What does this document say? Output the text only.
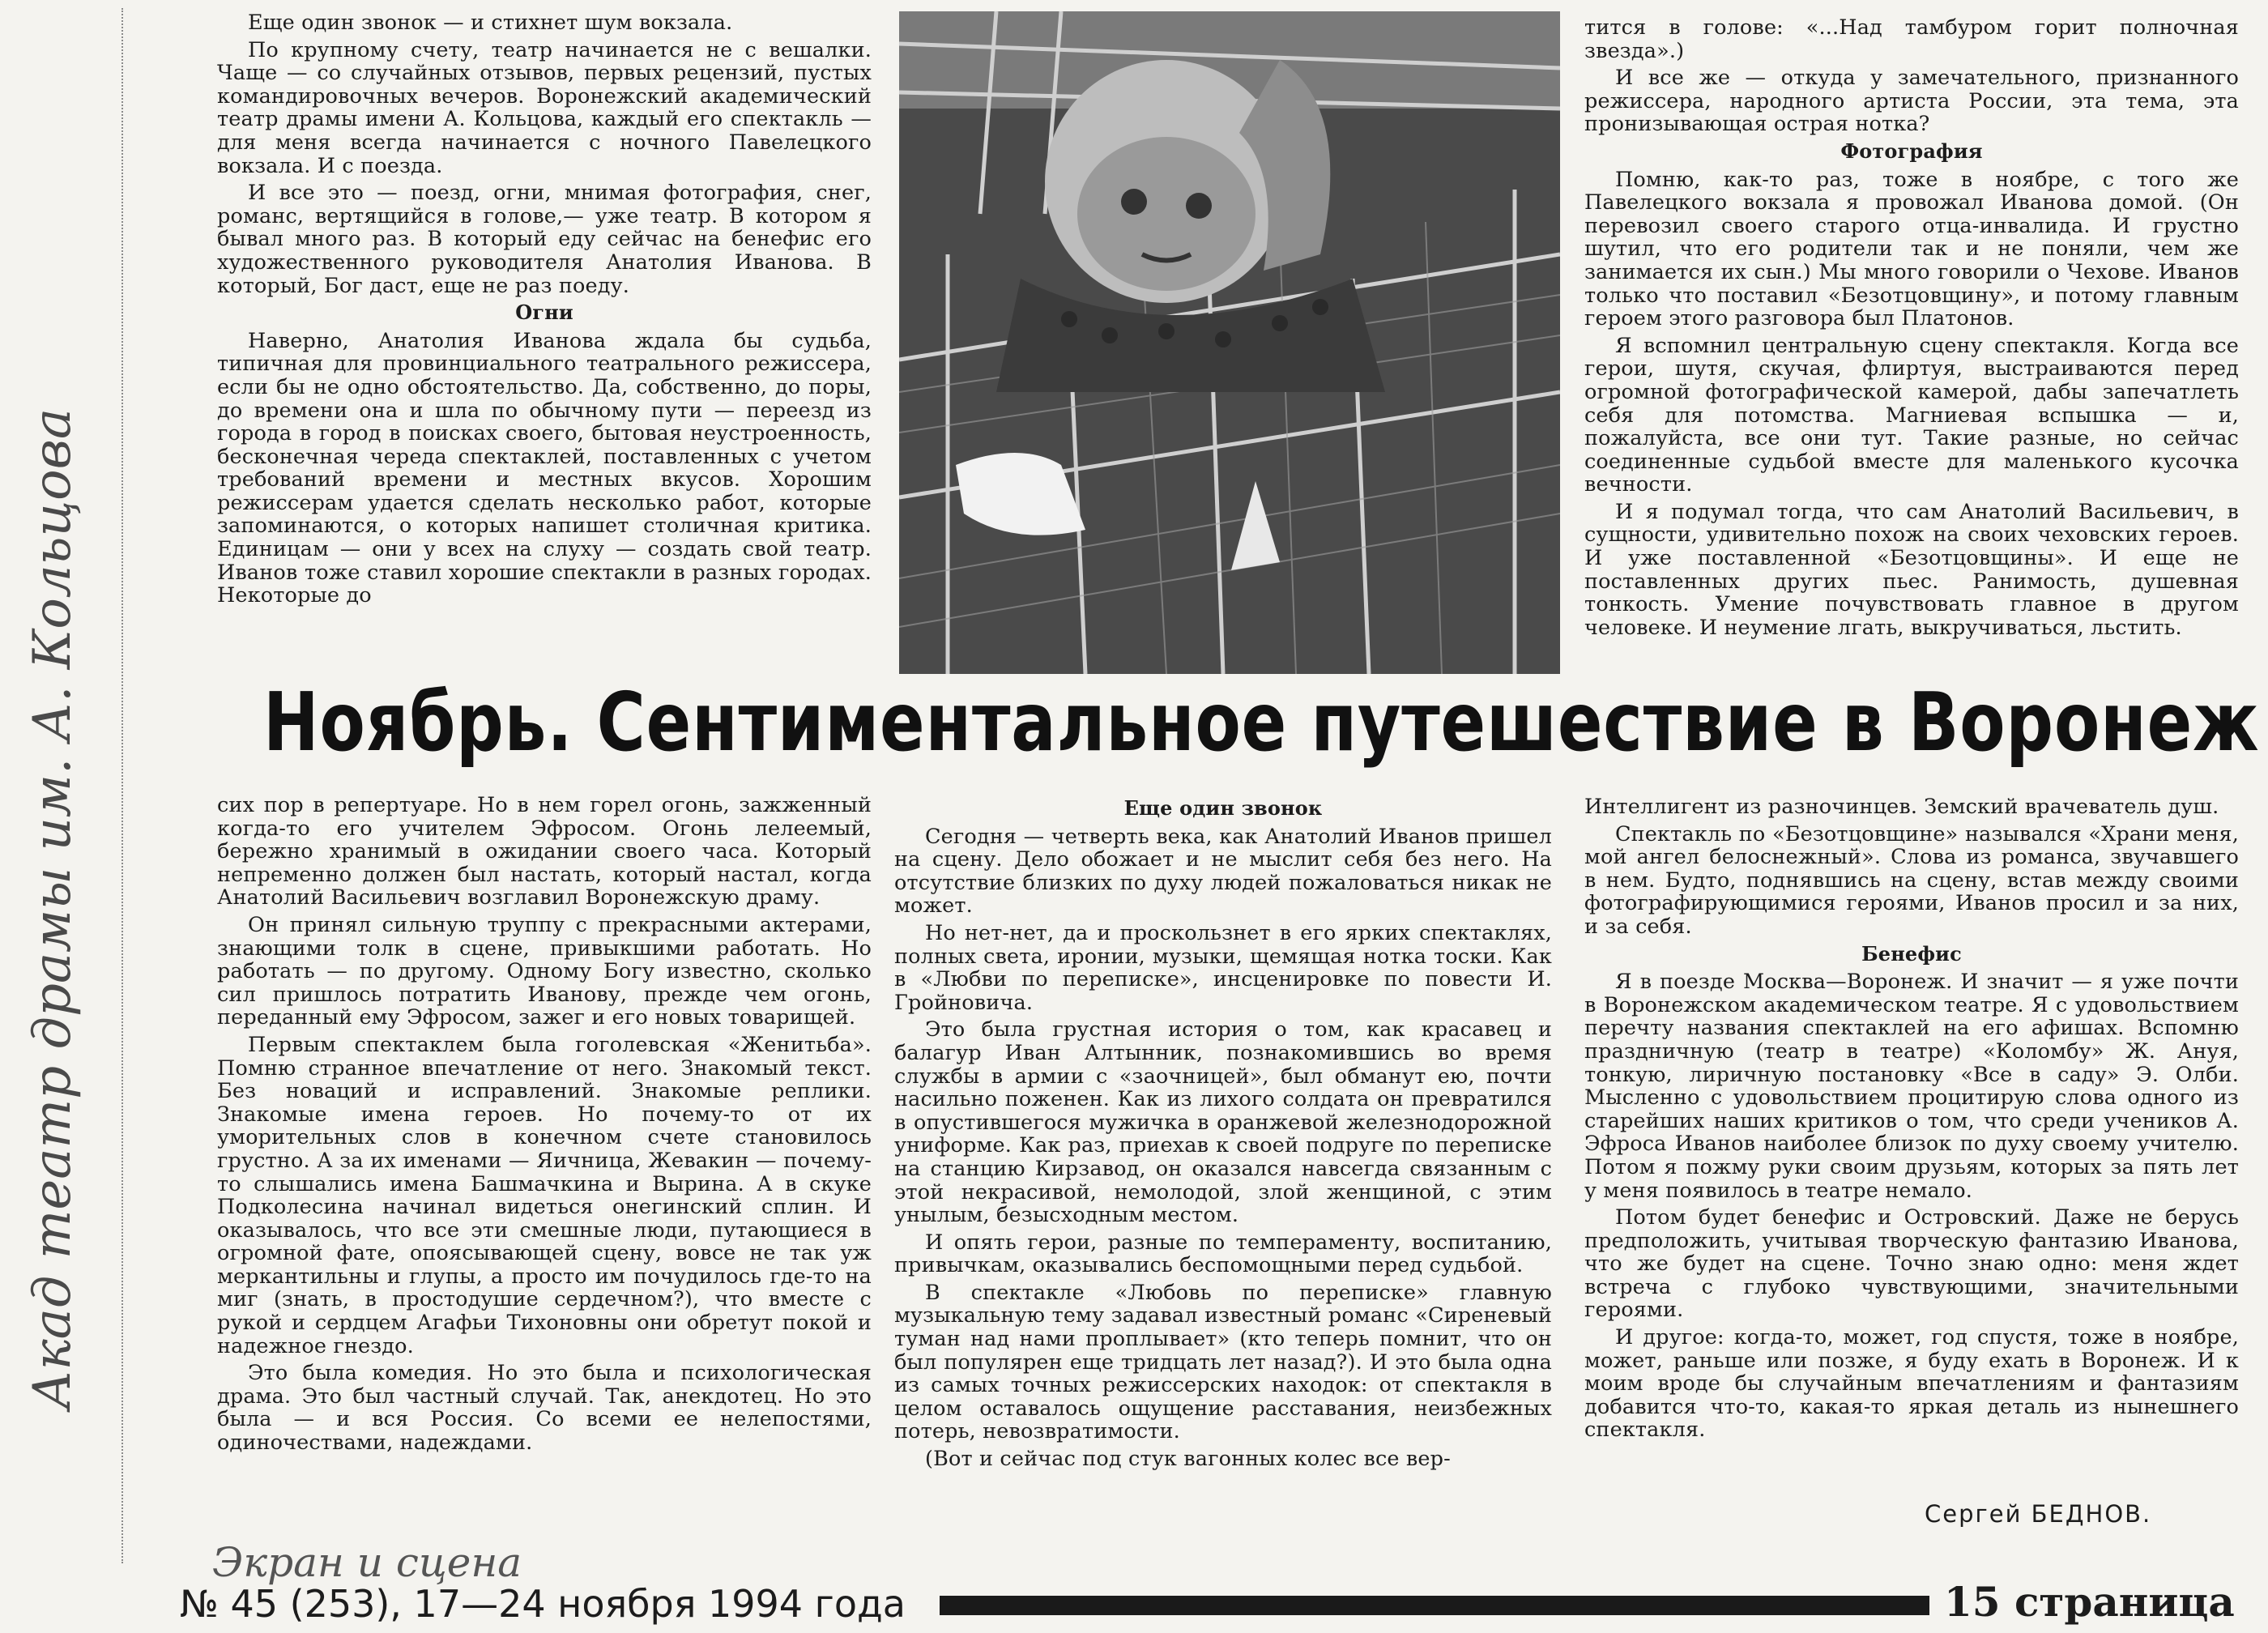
Акад театр драмы им. А. Кольцова

Еще один звонок — и стихнет шум вокзала.

По крупному счету, театр начинается не с вешалки. Чаще — со случайных отзывов, первых рецензий, пустых командировочных вечеров. Воронежский академический театр драмы имени А. Кольцова, каждый его спектакль — для меня всегда начинается с ночного Павелецкого вокзала. И с поезда.

И все это — поезд, огни, мнимая фотография, снег, романс, вертящийся в голове,— уже театр. В котором я бывал много раз. В который еду сейчас на бенефис его художественного руководителя Анатолия Иванова. В который, Бог даст, еще не раз поеду.

Огни

Наверно, Анатолия Иванова ждала бы судьба, типичная для провинциального театрального режиссера, если бы не одно обстоятельство. Да, собственно, до поры, до времени она и шла по обычному пути — переезд из города в город в поисках своего, бытовая неустроенность, бесконечная череда спектаклей, поставленных с учетом требований времени и местных вкусов. Хорошим режиссерам удается сделать несколько работ, которые запоминаются, о которых напишет столичная критика. Единицам — они у всех на слуху — создать свой театр. Иванов тоже ставил хорошие спектакли в разных городах. Некоторые до

тится в голове: «...Над тамбуром горит полночная звезда».)

И все же — откуда у замечательного, признанного режиссера, народного артиста России, эта тема, эта пронизывающая острая нотка?

Фотография

Помню, как-то раз, тоже в ноябре, с того же Павелецкого вокзала я провожал Иванова домой. (Он перевозил своего старого отца-инвалида. И грустно шутил, что его родители так и не поняли, чем же занимается их сын.) Мы много говорили о Чехове. Иванов только что поставил «Безотцовщину», и потому главным героем этого разговора был Платонов.

Я вспомнил центральную сцену спектакля. Когда все герои, шутя, скучая, флиртуя, выстраиваются перед огромной фотографической камерой, дабы запечатлеть себя для потомства. Магниевая вспышка — и, пожалуйста, все они тут. Такие разные, но сейчас соединенные судьбой вместе для маленького кусочка вечности.

И я подумал тогда, что сам Анатолий Васильевич, в сущности, удивительно похож на своих чеховских героев. И уже поставленной «Безотцовщины». И еще не поставленных других пьес. Ранимость, душевная тонкость. Умение почувствовать главное в другом человеке. И неумение лгать, выкручиваться, льстить.

Ноябрь. Сентиментальное путешествие в Воронеж

сих пор в репертуаре. Но в нем горел огонь, зажженный когда-то его учителем Эфросом. Огонь лелеемый, бережно хранимый в ожидании своего часа. Который непременно должен был настать, который настал, когда Анатолий Васильевич возглавил Воронежскую драму.

Он принял сильную труппу с прекрасными актерами, знающими толк в сцене, привыкшими работать. Но работать — по другому. Одному Богу известно, сколько сил пришлось потратить Иванову, прежде чем огонь, переданный ему Эфросом, зажег и его новых товарищей.

Первым спектаклем была гоголевская «Женитьба». Помню странное впечатление от него. Знакомый текст. Без новаций и исправлений. Знакомые реплики. Знакомые имена героев. Но почему-то от их уморительных слов в конечном счете становилось грустно. А за их именами — Яичница, Жевакин — почему-то слышались имена Башмачкина и Вырина. А в скуке Подколесина начинал видеться онегинский сплин. И оказывалось, что все эти смешные люди, путающиеся в огромной фате, опоясывающей сцену, вовсе не так уж меркантильны и глупы, а просто им почудилось где-то на миг (знать, в простодушие сердечном?), что вместе с рукой и сердцем Агафьи Тихоновны они обретут покой и надежное гнездо.

Это была комедия. Но это была и психологическая драма. Это был частный случай. Так, анекдотец. Но это была — и вся Россия. Со всеми ее нелепостями, одиночествами, надеждами.

Еще один звонок

Сегодня — четверть века, как Анатолий Иванов пришел на сцену. Дело обожает и не мыслит себя без него. На отсутствие близких по духу людей пожаловаться никак не может.

Но нет-нет, да и проскользнет в его ярких спектаклях, полных света, иронии, музыки, щемящая нотка тоски. Как в «Любви по переписке», инсценировке по повести И. Гройновича.

Это была грустная история о том, как красавец и балагур Иван Алтынник, познакомившись во время службы в армии с «заочницей», был обманут ею, почти насильно поженен. Как из лихого солдата он превратился в опустившегося мужичка в оранжевой железнодорожной униформе. Как раз, приехав к своей подруге по переписке на станцию Кирзавод, он оказался навсегда связанным с этой некрасивой, немолодой, злой женщиной, с этим унылым, безысходным местом.

И опять герои, разные по темпераменту, воспитанию, привычкам, оказывались беспомощными перед судьбой.

В спектакле «Любовь по переписке» главную музыкальную тему задавал известный романс «Сиреневый туман над нами проплывает» (кто теперь помнит, что он был популярен еще тридцать лет назад?). И это была одна из самых точных режиссерских находок: от спектакля в целом оставалось ощущение расставания, неизбежных потерь, невозвратимости.

(Вот и сейчас под стук вагонных колес все вер-

Интеллигент из разночинцев. Земский врачеватель душ.

Спектакль по «Безотцовщине» назывался «Храни меня, мой ангел белоснежный». Слова из романса, звучавшего в нем. Будто, поднявшись на сцену, встав между своими фотографирующимися героями, Иванов просил и за них, и за себя.

Бенефис

Я в поезде Москва—Воронеж. И значит — я уже почти в Воронежском академическом театре. Я с удовольствием перечту названия спектаклей на его афишах. Вспомню праздничную (театр в театре) «Коломбу» Ж. Ануя, тонкую, лиричную постановку «Все в саду» Э. Олби. Мысленно с удовольствием процитирую слова одного из старейших наших критиков о том, что среди учеников А. Эфроса Иванов наиболее близок по духу своему учителю. Потом я пожму руки своим друзьям, которых за пять лет у меня появилось в театре немало.

Потом будет бенефис и Островский. Даже не берусь предположить, учитывая творческую фантазию Иванова, что же будет на сцене. Точно знаю одно: меня ждет встреча с глубоко чувствующими, значительными героями.

И другое: когда-то, может, год спустя, тоже в ноябре, может, раньше или позже, я буду ехать в Воронеж. И к моим вроде бы случайным впечатлениям и фантазиям добавится что-то, какая-то яркая деталь из нынешнего спектакля.

Сергей БЕДНОВ.
Экран и сцена
№ 45 (253), 17—24 ноября 1994 года	15 страница
